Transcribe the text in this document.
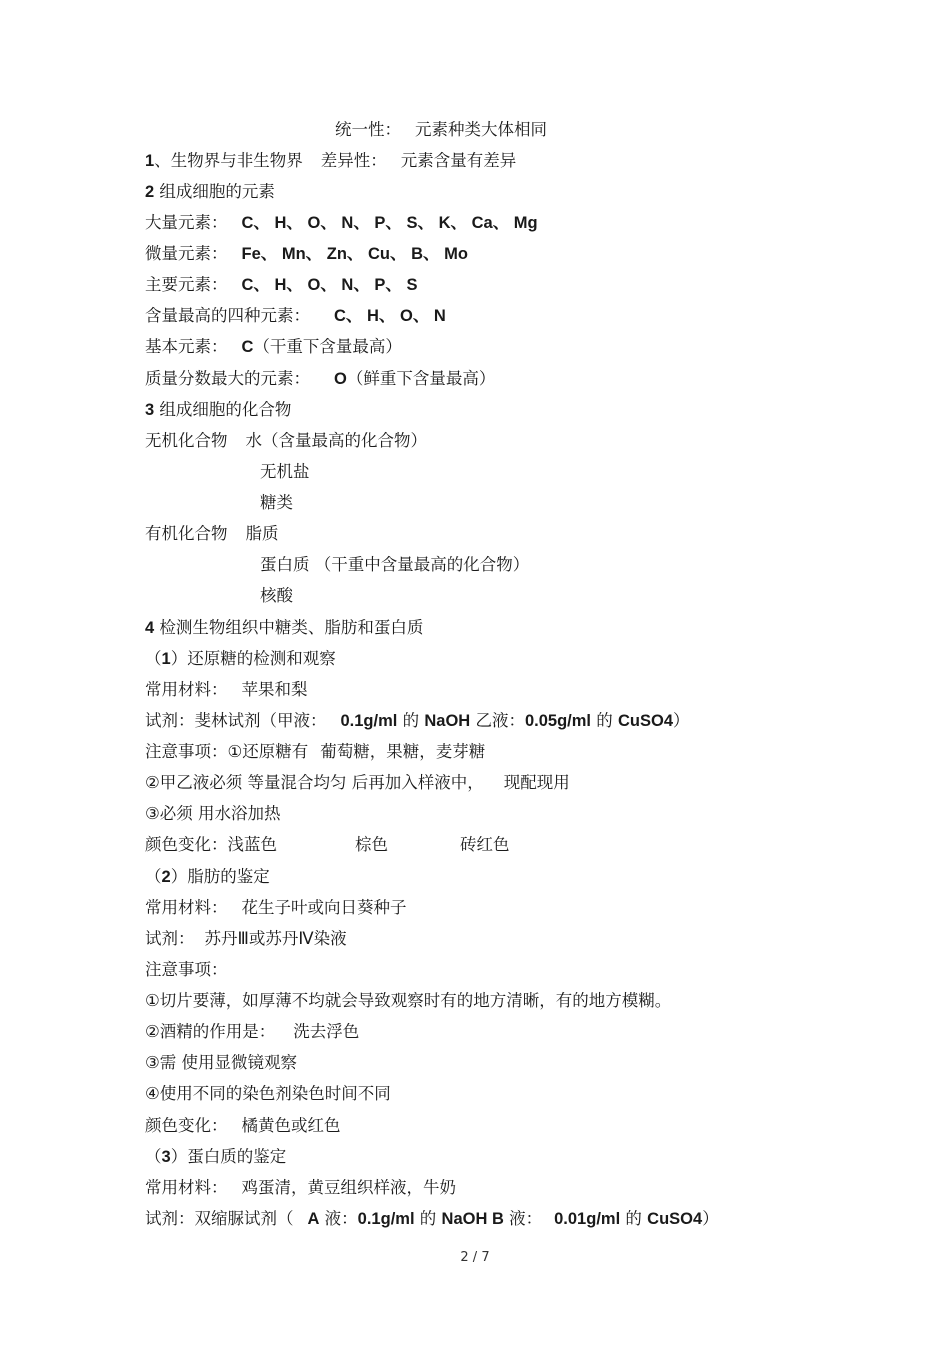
统一性： 元素种类大体相同
1、生物界与非生物界 差异性： 元素含量有差异
2 组成细胞的元素
大量元素： C、 H、 O、 N、 P、 S、 K、 Ca、 Mg
微量元素： Fe、 Mn、 Zn、 Cu、 B、 Mo
主要元素： C、 H、 O、 N、 P、 S
含量最高的四种元素： C、 H、 O、 N
基本元素： C（干重下含量最高）
质量分数最大的元素： O（鲜重下含量最高）
3 组成细胞的化合物
无机化合物 水（含量最高的化合物）
无机盐
糖类
有机化合物 脂质
蛋白质 （干重中含量最高的化合物）
核酸
4 检测生物组织中糖类、脂肪和蛋白质
（1）还原糖的检测和观察
常用材料： 苹果和梨
试剂：斐林试剂（甲液： 0.1g/ml 的 NaOH 乙液：0.05g/ml 的 CuSO4）
注意事项：①还原糖有 葡萄糖，果糖，麦芽糖
②甲乙液必须 等量混合均匀 后再加入样液中， 现配现用
③必须 用水浴加热
颜色变化：浅蓝色	棕色	砖红色
（2）脂肪的鉴定
常用材料： 花生子叶或向日葵种子
试剂： 苏丹Ⅲ或苏丹Ⅳ染液
注意事项：
①切片要薄，如厚薄不均就会导致观察时有的地方清晰，有的地方模糊。
②酒精的作用是： 洗去浮色
③需 使用显微镜观察
④使用不同的染色剂染色时间不同
颜色变化： 橘黄色或红色
（3）蛋白质的鉴定
常用材料： 鸡蛋清，黄豆组织样液，牛奶
试剂：双缩脲试剂（ A 液：0.1g/ml 的 NaOH B 液： 0.01g/ml 的 CuSO4）
2 / 7
